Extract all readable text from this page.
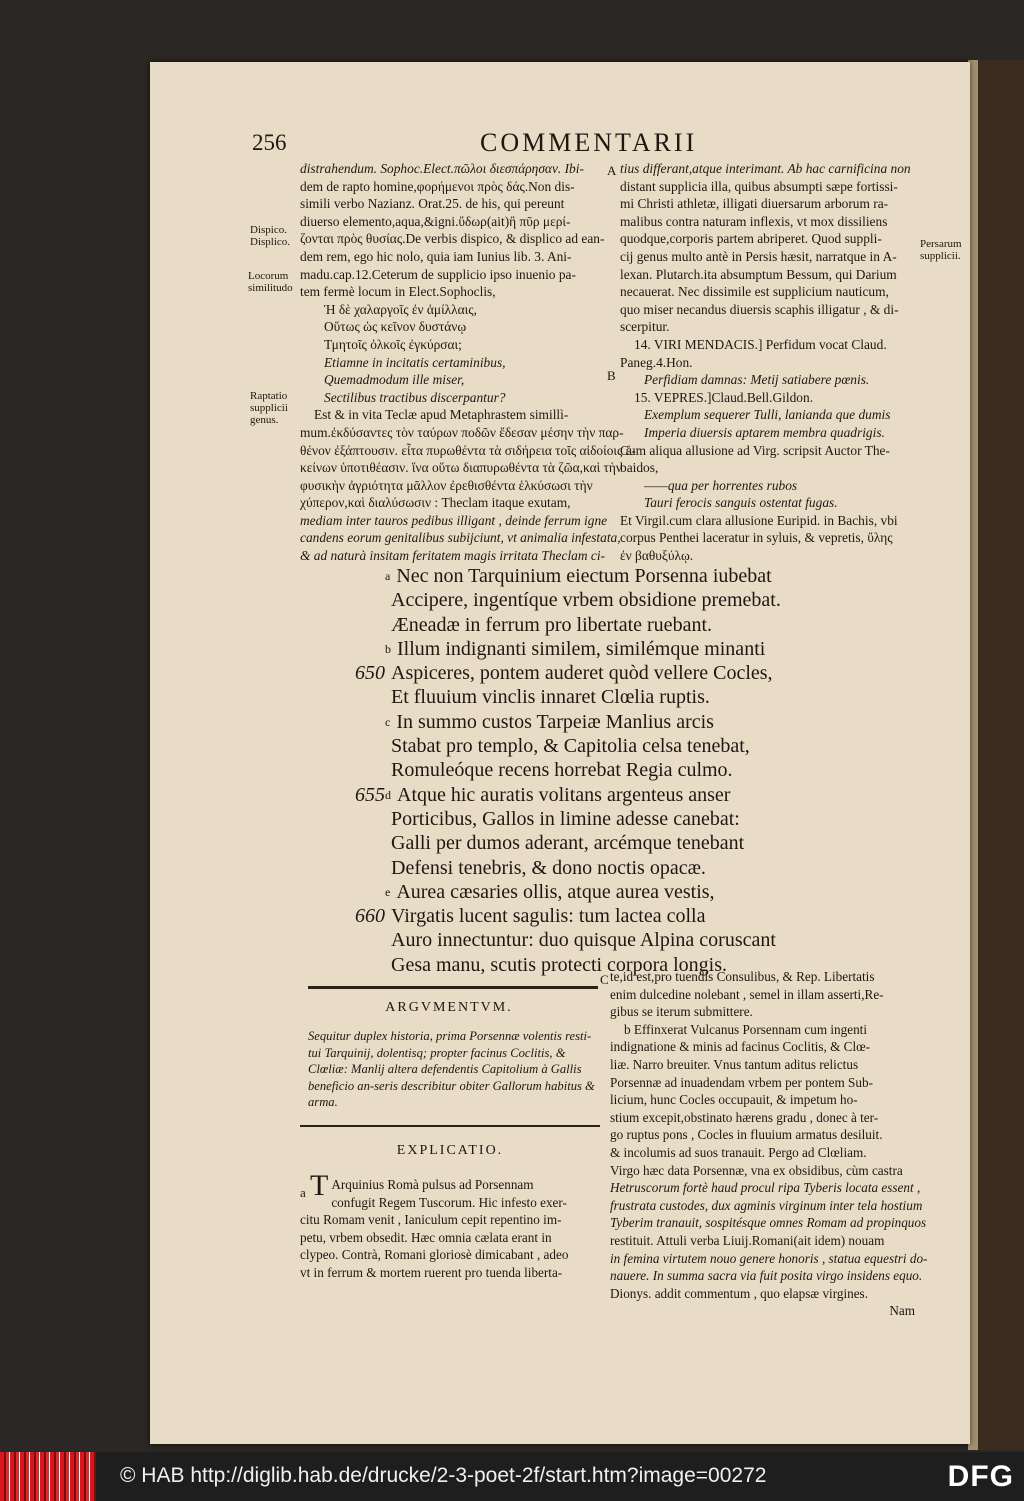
256	COMMENTARII
distrahendum. Sophoc.Elect.πῶλοι διεσπάρησαν. Ibi-
dem de rapto homine,φορήμενοι πρὸς δάς.Non dis-
simili verbo Nazianz. Orat.25. de his, qui pereunt
diuerso elemento,aqua,&igni.ὕδωρ(ait)ἢ πῦρ μερί-
ζονται πρὸς θυσίας.De verbis dispico, & displico ad ean-
dem rem, ego hic nolo, quia iam Iunius lib. 3. Ani-
madu.cap.12.Ceterum de supplicio ipso inuenio pa-
tem fermè locum in Elect.Sophoclis,
Ἡ δὲ χαλαργοῖς ἐν ἁμίλλαις,
Οὕτως ὡς κεῖνον δυστάνῳ
Τμητοῖς ὁλκοῖς ἐγκύρσαι;
Etiamne in incitatis certaminibus,
Quemadmodum ille miser,
Sectilibus tractibus discerpantur?
Est & in vita Teclæ apud Metaphrastem simillì-
mum.ἐκδύσαντες τὸν ταύρων ποδῶν ἔδεσαν μέσην τὴν παρ-
θένον ἐξάπτουσιν. εἶτα πυρωθέντα τὰ σιδήρεια τοῖς αἰδοίοις ἐ-
κείνων ὑποτιθέασιν. ἵνα οὕτω διαπυρωθέντα τὰ ζῶα,καὶ τὴν
φυσικὴν ἀγριότητα μᾶλλον ἐρεθισθέντα ἑλκύσωσι τὴν
χύπερον,καὶ διαλύσωσιν : Theclam itaque exutam,
mediam inter tauros pedibus illigant , deinde ferrum igne
candens eorum genitalibus subijciunt, vt animalia infestata,
& ad naturà insitam feritatem magis irritata Theclam ci-
tius differant,atque interimant. Ab hac carnificina non
distant supplicia illa, quibus absumpti sæpe fortissi-
mi Christi athletæ, illigati diuersarum arborum ra-
malibus contra naturam inflexis, vt mox dissiliens
quodque,corporis partem abriperet. Quod suppli-
cij genus multo antè in Persis hæsit, narratque in A-
lexan. Plutarch.ita absumptum Bessum, qui Darium
necauerat. Nec dissimile est supplicium nauticum,
quo miser necandus diuersis scaphis illigatur , & di-
scerpitur.
14. VIRI MENDACIS.] Perfidum vocat Claud.
Paneg.4.Hon.
Perfidiam damnas: Metij satiabere pœnis.
15. VEPRES.]Claud.Bell.Gildon.
Exemplum sequerer Tulli, lanianda que dumis
Imperia diuersis aptarem membra quadrigis.
Cum aliqua allusione ad Virg. scripsit Auctor The-
baidos,
——qua per horrentes rubos
Tauri ferocis sanguis ostentat fugas.
Et Virgil.cum clara allusione Euripid. in Bachis, vbi
corpus Penthei laceratur in syluis, & vepretis, ὕλης
ἐν βαθυξύλῳ.
Dispico.
Displico.
Locorum
similitudo
Raptatio
supplicii
genus.
Persarum
supplicii.
A
B
C
a Nec non Tarquinium eiectum Porsenna iubebat
Accipere, ingentíque vrbem obsidione premebat.
Æneadæ in ferrum pro libertate ruebant.
b Illum indignanti similem, similémque minanti
650 Aspiceres, pontem auderet quòd vellere Cocles,
Et fluuium vinclis innaret Clœlia ruptis.
c In summo custos Tarpeiæ Manlius arcis
Stabat pro templo, & Capitolia celsa tenebat,
Romuleóque recens horrebat Regia culmo.
655 d Atque hic auratis volitans argenteus anser
Porticibus, Gallos in limine adesse canebat:
Galli per dumos aderant, arcémque tenebant
Defensi tenebris, & dono noctis opacæ.
e Aurea cæsaries ollis, atque aurea vestis,
660 Virgatis lucent sagulis: tum lactea colla
Auro innectuntur: duo quisque Alpina coruscant
Gesa manu, scutis protecti corpora longis.
ARGVMENTVM.
Sequitur duplex historia, prima Porsennæ volentis resti-tui Tarquinij, dolentisq; propter facinus Coclitis, & Clœliæ: Manlij altera defendentis Capitolium à Gallis beneficio an-seris describitur obiter Gallorum habitus & arma.
EXPLICATIO.
a T Arquinius Romà pulsus ad Porsennam
confugit Regem Tuscorum. Hic infesto exer-
citu Romam venit , Ianiculum cepit repentino im-
petu, vrbem obsedit. Hæc omnia cælata erant in
clypeo. Contrà, Romani gloriosè dimicabant , adeo
vt in ferrum & mortem ruerent pro tuenda liberta-
te,id est,pro tuendis Consulibus, & Rep. Libertatis
enim dulcedine nolebant , semel in illam asserti,Re-
gibus se iterum submittere.
b Effinxerat Vulcanus Porsennam cum ingenti
indignatione & minis ad facinus Coclitis, & Clœ-
liæ. Narro breuiter. Vnus tantum aditus relictus
Porsennæ ad inuadendam vrbem per pontem Sub-
licium, hunc Cocles occupauit, & impetum ho-
stium excepit,obstinato hærens gradu , donec à ter-
go ruptus pons , Cocles in fluuium armatus desiluit.
& incolumis ad suos tranauit. Pergo ad Clœliam.
Virgo hæc data Porsennæ, vna ex obsidibus, cùm castra
Hetruscorum fortè haud procul ripa Tyberis locata essent ,
frustrata custodes, dux agminis virginum inter tela hostium
Tyberim tranauit, sospitésque omnes Romam ad propinquos
restituit. Attuli verba Liuij.Romani(ait idem) nouam
in femina virtutem nouo genere honoris , statua equestri do-
nauere. In summa sacra via fuit posita virgo insidens equo.
Dionys. addit commentum , quo elapsæ virgines.
Nam
© HAB http://diglib.hab.de/drucke/2-3-poet-2f/start.htm?image=00272	DFG
